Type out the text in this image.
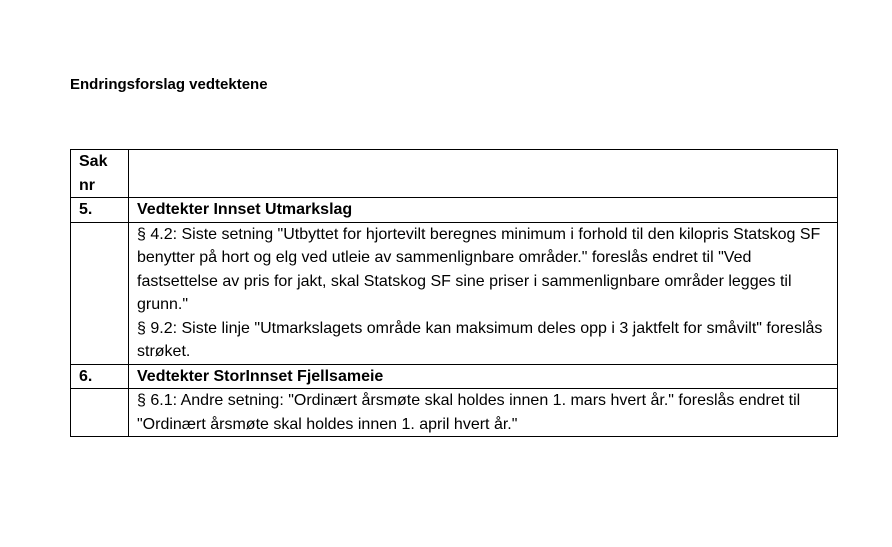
Endringsforslag vedtektene
Sak nr	
5.	Vedtekter Innset Utmarkslag

	§ 4.2: Siste setning "Utbyttet for hjortevilt beregnes minimum i forhold til den kilopris Statskog SF benytter på hort og elg ved utleie av sammenlignbare områder." foreslås endret til "Ved fastsettelse av pris for jakt, skal Statskog SF sine priser i sammenlignbare områder legges til grunn."
§ 9.2: Siste linje "Utmarkslagets område kan maksimum deles opp i 3 jaktfelt for småvilt" foreslås strøket.

6.	Vedtekter StorInnset Fjellsameie

	§ 6.1: Andre setning: "Ordinært årsmøte skal holdes innen 1. mars hvert år." foreslås endret til "Ordinært årsmøte skal holdes innen 1. april hvert år."
